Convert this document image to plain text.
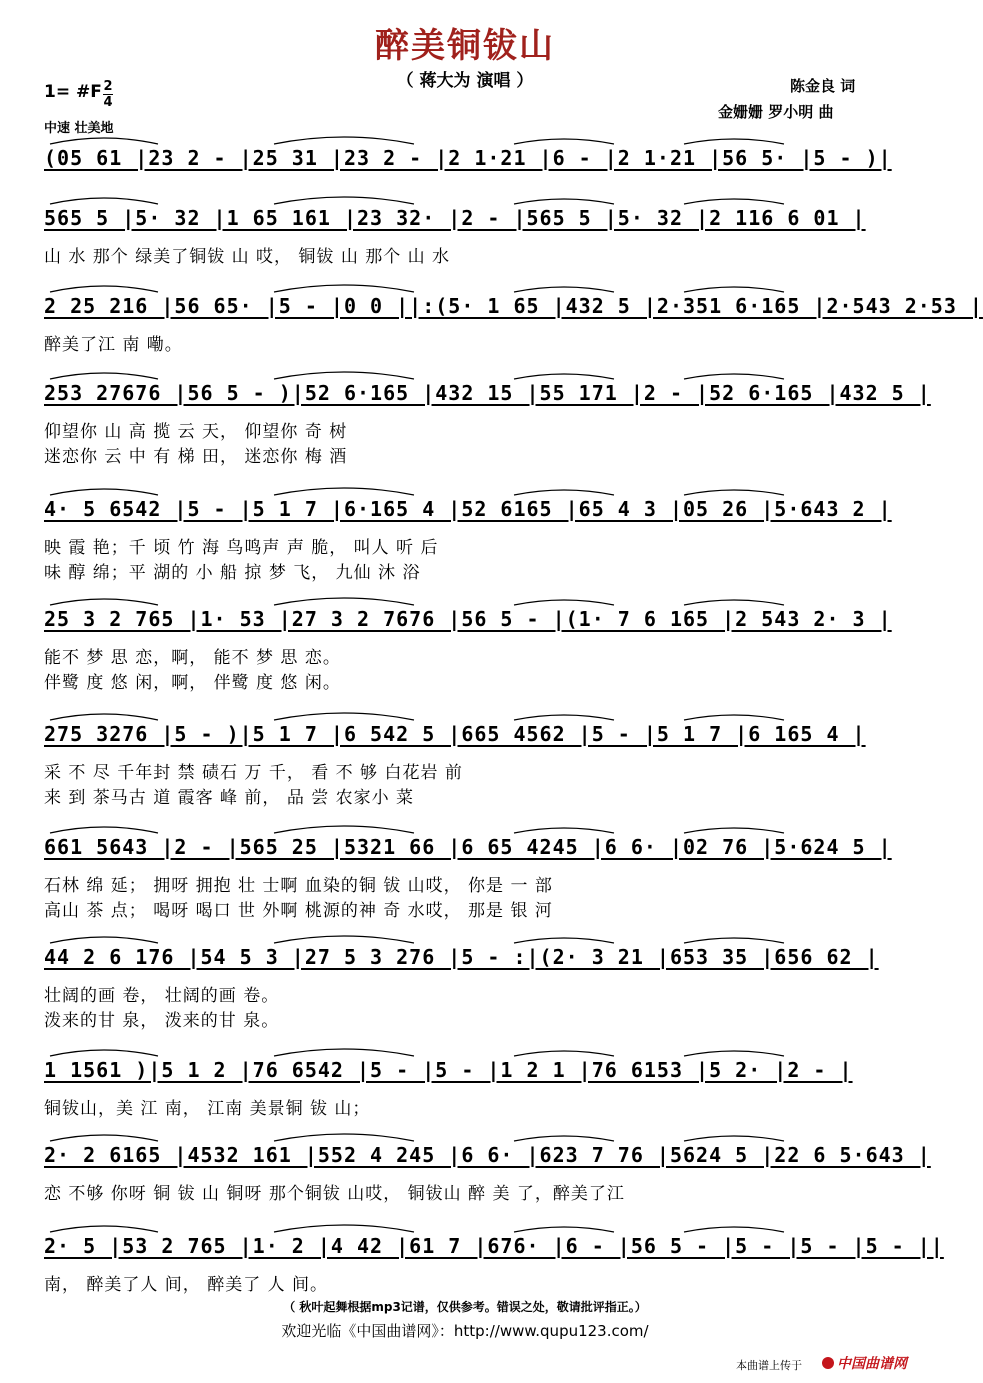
醉美铜钹山
（ 蒋大为 演唱 ）	陈金良 词
金姗姗 罗小明 曲
1= #F 2
4
中速 壮美地
(05 61 |23 2 - |25 31 |23 2 - |2 1·21 |6 - |2 1·21 |56 5· |5 - )|
565 5 |5· 32 |1 65 161 |23 32· |2 - |565 5 |5· 32 |2 116 6 01 |
山 水 那个 绿美了铜钹 山 哎， 铜钹 山 那个 山 水
2 25 216 |56 65· |5 - |0 0 ||:(5· 1 65 |432 5 |2·351 6·165 |2·543 2·53 |
醉美了江 南 嘞。
253 27676 |56 5 - )|52 6·165 |432 15 |55 171 |2 - |52 6·165 |432 5 |
仰望你 山 高 揽 云 天， 仰望你 奇 树
迷恋你 云 中 有 梯 田， 迷恋你 梅 酒
4· 5 6542 |5 - |5 1 7 |6·165 4 |52 6165 |65 4 3 |05 26 |5·643 2 |
映 霞 艳；千 顷 竹 海 鸟鸣声 声 脆， 叫人 听 后
味 醇 绵；平 湖的 小 船 掠 梦 飞， 九仙 沐 浴
25 3 2 765 |1· 53 |27 3 2 7676 |56 5 - |(1· 7 6 165 |2 543 2· 3 |
能不 梦 思 恋，啊， 能不 梦 思 恋。
伴鹭 度 悠 闲，啊， 伴鹭 度 悠 闲。
275 3276 |5 - )|5 1 7 |6 542 5 |665 4562 |5 - |5 1 7 |6 165 4 |
采 不 尽 千年封 禁 碛石 万 千， 看 不 够 白花岩 前
来 到 茶马古 道 霞客 峰 前， 品 尝 农家小 菜
661 5643 |2 - |565 25 |5321 66 |6 65 4245 |6 6· |02 76 |5·624 5 |
石林 绵 延； 拥呀 拥抱 壮 士啊 血染的铜 钹 山哎， 你是 一 部
高山 茶 点； 喝呀 喝口 世 外啊 桃源的神 奇 水哎， 那是 银 河
44 2 6 176 |54 5 3 |27 5 3 276 |5 - :|(2· 3 21 |653 35 |656 62 |
壮阔的画 卷， 壮阔的画 卷。
泼来的甘 泉， 泼来的甘 泉。
1 1561 )|5 1 2 |76 6542 |5 - |5 - |1 2 1 |76 6153 |5 2· |2 - |
铜钹山，美 江 南， 江南 美景铜 钹 山；
2· 2 6165 |4532 161 |552 4 245 |6 6· |623 7 76 |5624 5 |22 6 5·643 |
恋 不够 你呀 铜 钹 山 铜呀 那个铜钹 山哎， 铜钹山 醉 美 了，醉美了江
2· 5 |53 2 765 |1· 2 |4 42 |61 7 |676· |6 - |56 5 - |5 - |5 - |5 - ||
南， 醉美了人 间， 醉美了 人 间。
（ 秋叶起舞根据mp3记谱，仅供参考。错误之处，敬请批评指正。）
欢迎光临《中国曲谱网》：http://www.qupu123.com/
本曲谱上传于	中国曲谱网
